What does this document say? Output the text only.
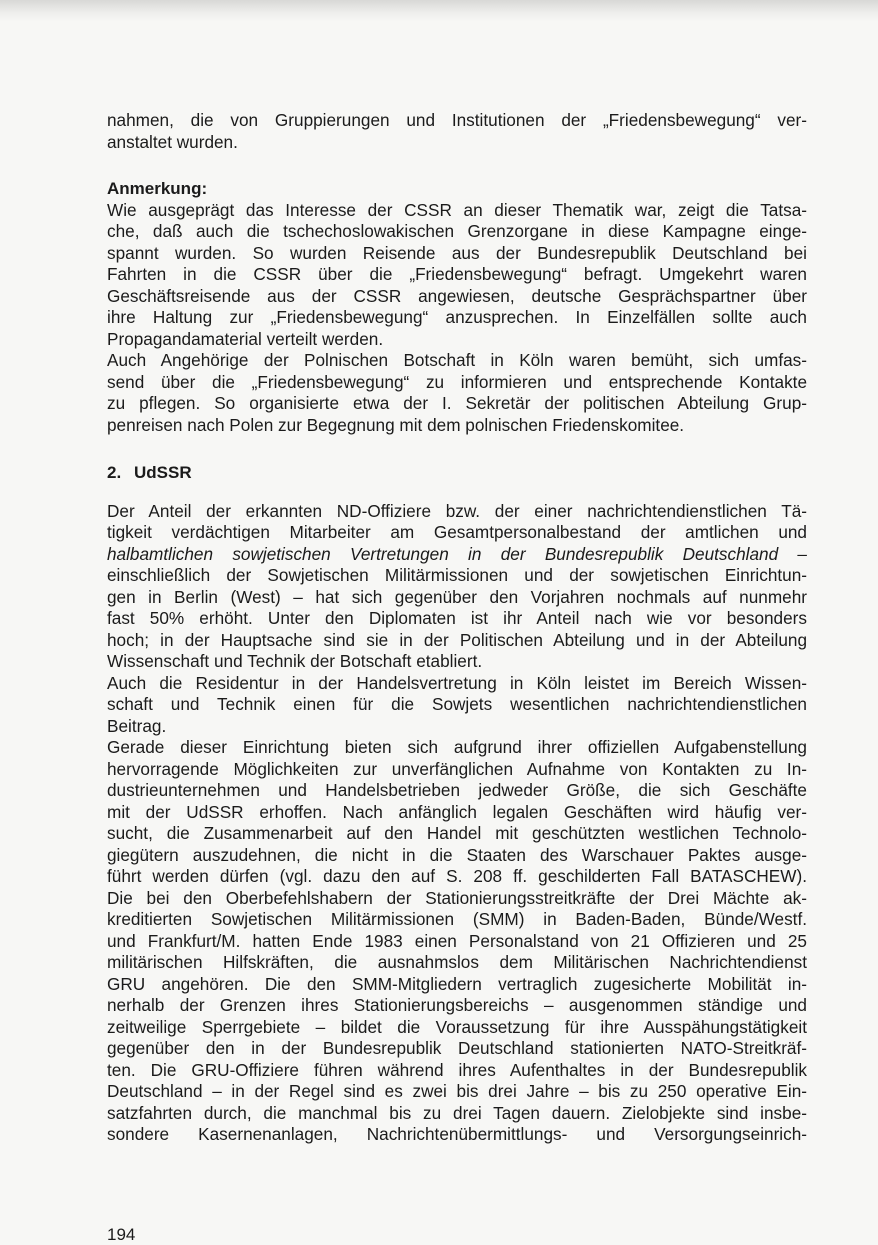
nahmen, die von Gruppierungen und Institutionen der „Friedensbewegung“ ver-
anstaltet wurden.
Anmerkung:
Wie ausgeprägt das Interesse der CSSR an dieser Thematik war, zeigt die Tatsa-
che, daß auch die tschechoslowakischen Grenzorgane in diese Kampagne einge-
spannt wurden. So wurden Reisende aus der Bundesrepublik Deutschland bei
Fahrten in die CSSR über die „Friedensbewegung“ befragt. Umgekehrt waren
Geschäftsreisende aus der CSSR angewiesen, deutsche Gesprächspartner über
ihre Haltung zur „Friedensbewegung“ anzusprechen. In Einzelfällen sollte auch
Propagandamaterial verteilt werden.
Auch Angehörige der Polnischen Botschaft in Köln waren bemüht, sich umfas-
send über die „Friedensbewegung“ zu informieren und entsprechende Kontakte
zu pflegen. So organisierte etwa der I. Sekretär der politischen Abteilung Grup-
penreisen nach Polen zur Begegnung mit dem polnischen Friedenskomitee.
2. UdSSR
Der Anteil der erkannten ND-Offiziere bzw. der einer nachrichtendienstlichen Tä-
tigkeit verdächtigen Mitarbeiter am Gesamtpersonalbestand der amtlichen und
halbamtlichen sowjetischen Vertretungen in der Bundesrepublik Deutschland –
einschließlich der Sowjetischen Militärmissionen und der sowjetischen Einrichtun-
gen in Berlin (West) – hat sich gegenüber den Vorjahren nochmals auf nunmehr
fast 50% erhöht. Unter den Diplomaten ist ihr Anteil nach wie vor besonders
hoch; in der Hauptsache sind sie in der Politischen Abteilung und in der Abteilung
Wissenschaft und Technik der Botschaft etabliert.
Auch die Residentur in der Handelsvertretung in Köln leistet im Bereich Wissen-
schaft und Technik einen für die Sowjets wesentlichen nachrichtendienstlichen
Beitrag.
Gerade dieser Einrichtung bieten sich aufgrund ihrer offiziellen Aufgabenstellung
hervorragende Möglichkeiten zur unverfänglichen Aufnahme von Kontakten zu In-
dustrieunternehmen und Handelsbetrieben jedweder Größe, die sich Geschäfte
mit der UdSSR erhoffen. Nach anfänglich legalen Geschäften wird häufig ver-
sucht, die Zusammenarbeit auf den Handel mit geschützten westlichen Technolo-
giegütern auszudehnen, die nicht in die Staaten des Warschauer Paktes ausge-
führt werden dürfen (vgl. dazu den auf S. 208 ff. geschilderten Fall BATASCHEW).
Die bei den Oberbefehlshabern der Stationierungsstreitkräfte der Drei Mächte ak-
kreditierten Sowjetischen Militärmissionen (SMM) in Baden-Baden, Bünde/Westf.
und Frankfurt/M. hatten Ende 1983 einen Personalstand von 21 Offizieren und 25
militärischen Hilfskräften, die ausnahmslos dem Militärischen Nachrichtendienst
GRU angehören. Die den SMM-Mitgliedern vertraglich zugesicherte Mobilität in-
nerhalb der Grenzen ihres Stationierungsbereichs – ausgenommen ständige und
zeitweilige Sperrgebiete – bildet die Voraussetzung für ihre Ausspähungstätigkeit
gegenüber den in der Bundesrepublik Deutschland stationierten NATO-Streitkräf-
ten. Die GRU-Offiziere führen während ihres Aufenthaltes in der Bundesrepublik
Deutschland – in der Regel sind es zwei bis drei Jahre – bis zu 250 operative Ein-
satzfahrten durch, die manchmal bis zu drei Tagen dauern. Zielobjekte sind insbe-
sondere Kasernenanlagen, Nachrichtenübermittlungs- und Versorgungseinrich-
194
